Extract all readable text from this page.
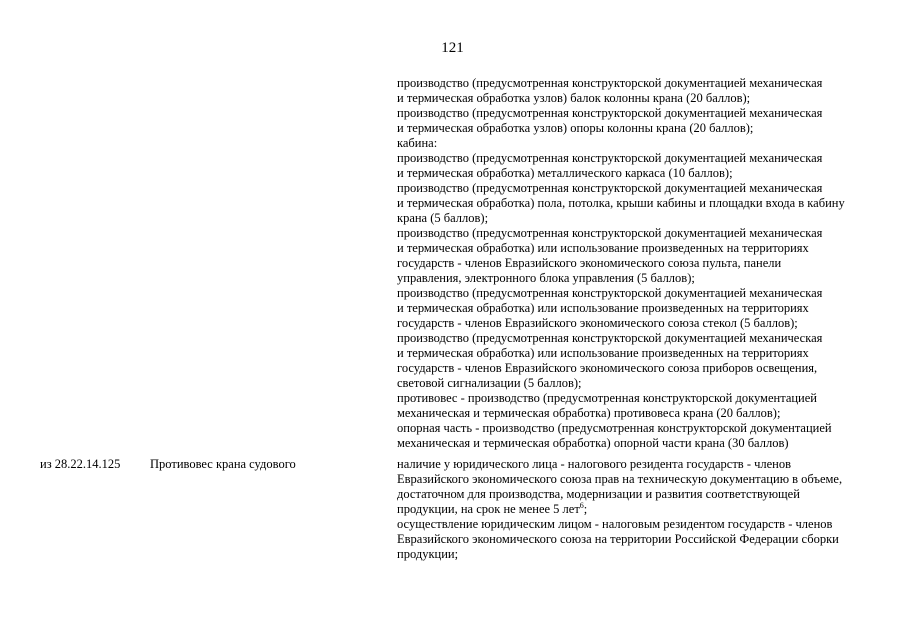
121
производство (предусмотренная конструкторской документацией механическая
и термическая обработка узлов) балок колонны крана (20 баллов);
производство (предусмотренная конструкторской документацией механическая
и термическая обработка узлов) опоры колонны крана (20 баллов);
кабина:
производство (предусмотренная конструкторской документацией механическая
и термическая обработка) металлического каркаса (10 баллов);
производство (предусмотренная конструкторской документацией механическая
и термическая обработка) пола, потолка, крыши кабины и площадки входа в кабину
крана (5 баллов);
производство (предусмотренная конструкторской документацией механическая
и термическая обработка) или использование произведенных на территориях
государств - членов Евразийского экономического союза пульта, панели
управления, электронного блока управления (5 баллов);
производство (предусмотренная конструкторской документацией механическая
и термическая обработка) или использование произведенных на территориях
государств - членов Евразийского экономического союза стекол (5 баллов);
производство (предусмотренная конструкторской документацией механическая
и термическая обработка) или использование произведенных на территориях
государств - членов Евразийского экономического союза приборов освещения,
световой сигнализации (5 баллов);
противовес - производство (предусмотренная конструкторской документацией
механическая и термическая обработка) противовеса крана (20 баллов);
опорная часть - производство (предусмотренная конструкторской документацией
механическая и термическая обработка) опорной части крана (30 баллов)
из 28.22.14.125 Противовес крана судового	наличие у юридического лица - налогового резидента государств - членов
Евразийского экономического союза прав на техническую документацию в объеме,
достаточном для производства, модернизации и развития соответствующей
продукции, на срок не менее 5 лет$^6$;
осуществление юридическим лицом - налоговым резидентом государств - членов
Евразийского экономического союза на территории Российской Федерации сборки
продукции;
